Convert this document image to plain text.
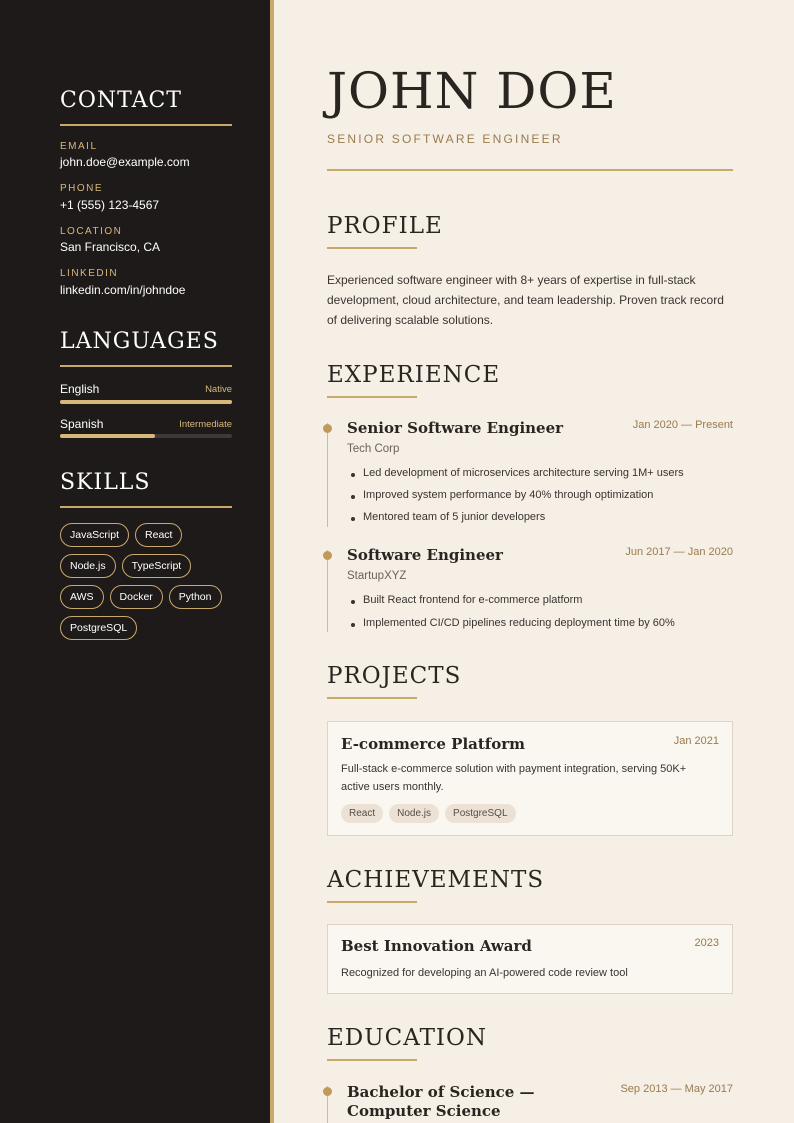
CONTACT
EMAIL
john.doe@example.com
PHONE
+1 (555) 123-4567
LOCATION
San Francisco, CA
LINKEDIN
linkedin.com/in/johndoe
LANGUAGES
English	Native
Spanish	Intermediate
SKILLS
JavaScript	React
Node.js	TypeScript
AWS	Docker	Python
PostgreSQL
JOHN DOE
SENIOR SOFTWARE ENGINEER
PROFILE
Experienced software engineer with 8+ years of expertise in full-stack development, cloud architecture, and team leadership. Proven track record of delivering scalable solutions.
EXPERIENCE
Senior Software Engineer	Jan 2020 — Present
Tech Corp
Led development of microservices architecture serving 1M+ users
Improved system performance by 40% through optimization
Mentored team of 5 junior developers
Software Engineer	Jun 2017 — Jan 2020
StartupXYZ
Built React frontend for e-commerce platform
Implemented CI/CD pipelines reducing deployment time by 60%
PROJECTS
E-commerce Platform	Jan 2021
Full-stack e-commerce solution with payment integration, serving 50K+ active users monthly.
React	Node.js	PostgreSQL
ACHIEVEMENTS
Best Innovation Award	2023
Recognized for developing an AI-powered code review tool
EDUCATION
Bachelor of Science — Computer Science
Sep 2013 — May 2017
